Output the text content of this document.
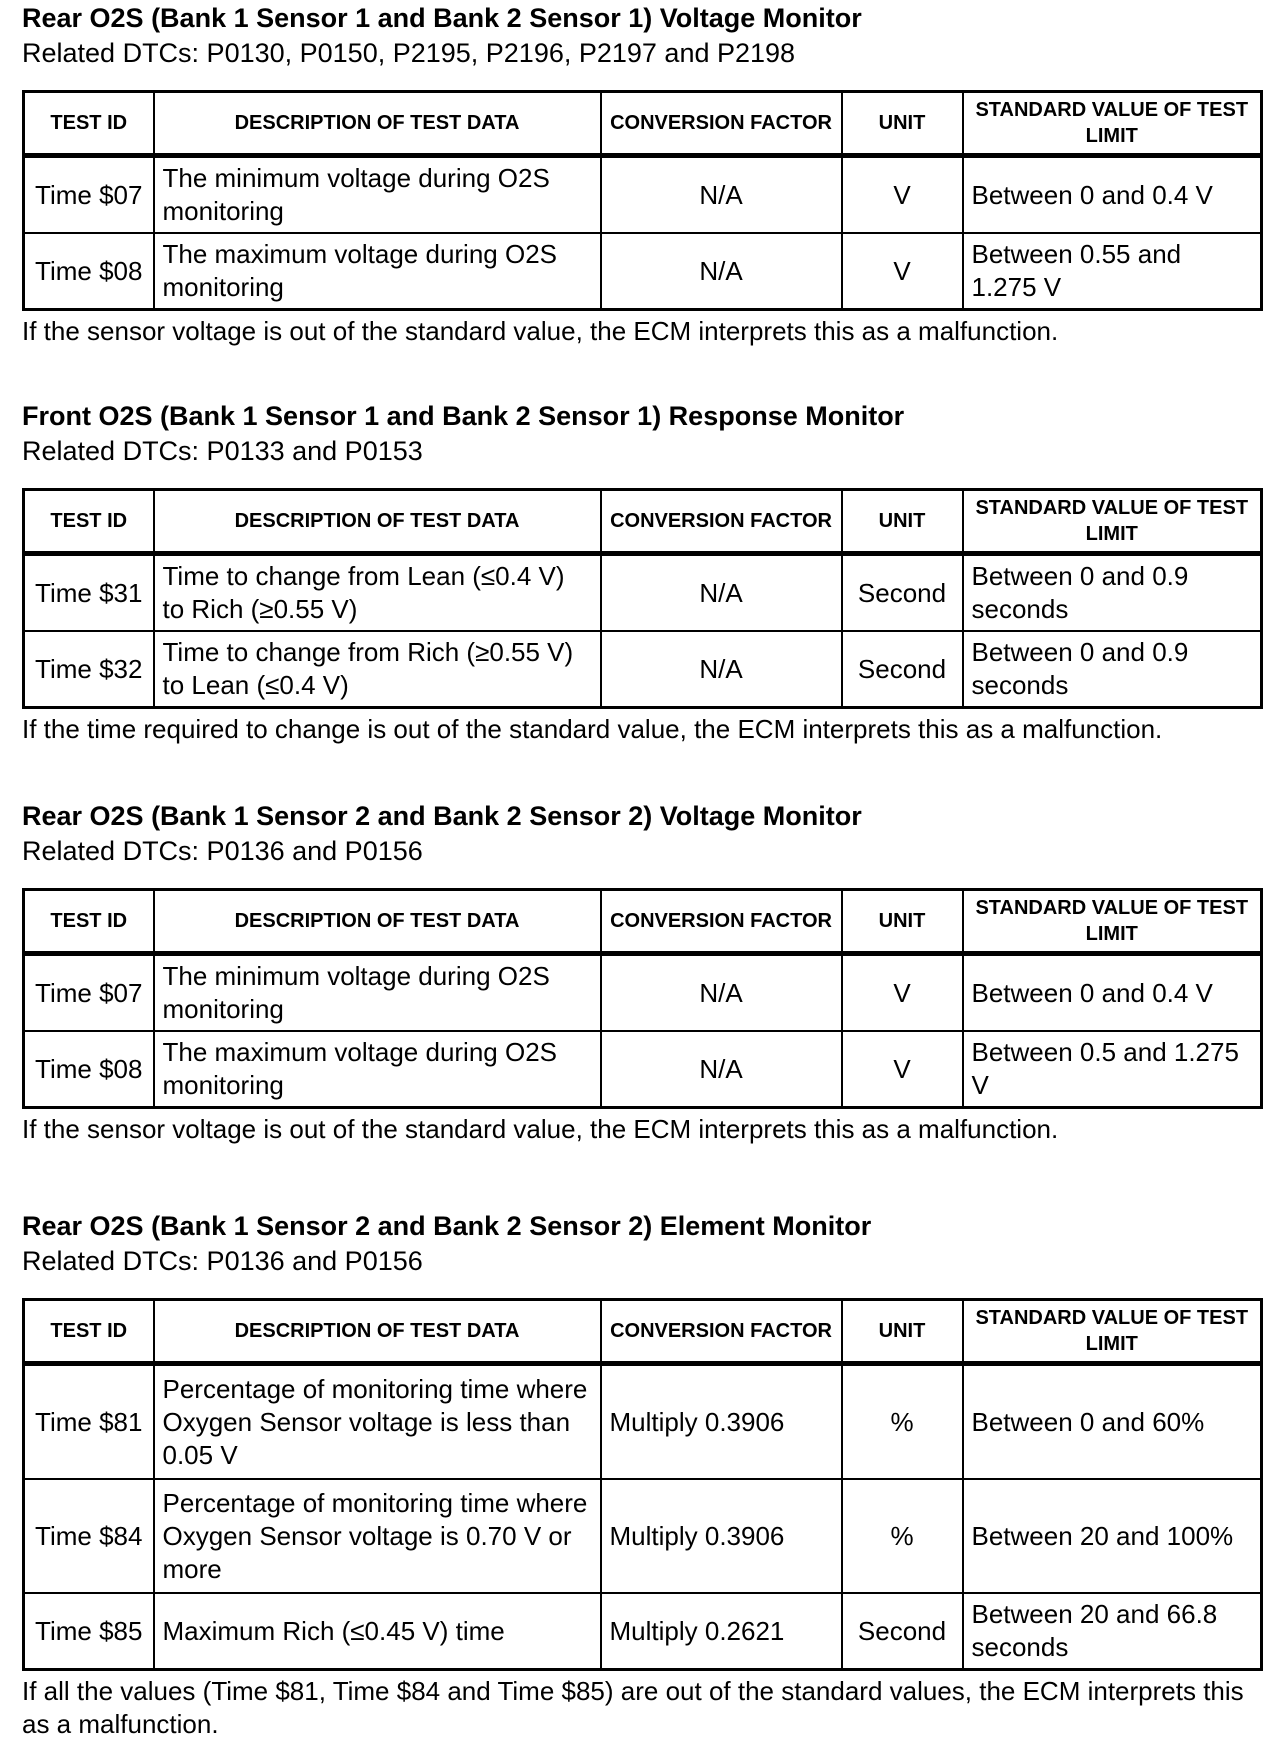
Rear O2S (Bank 1 Sensor 1 and Bank 2 Sensor 1) Voltage Monitor

Related DTCs: P0130, P0150, P2195, P2196, P2197 and P2198

TEST ID	DESCRIPTION OF TEST DATA	CONVERSION FACTOR	UNIT	STANDARD VALUE OF TEST LIMIT
Time $07	The minimum voltage during O2S monitoring	N/A	V	Between 0 and 0.4 V
Time $08	The maximum voltage during O2S monitoring	N/A	V	Between 0.55 and 1.275 V

If the sensor voltage is out of the standard value, the ECM interprets this as a malfunction.

Front O2S (Bank 1 Sensor 1 and Bank 2 Sensor 1) Response Monitor

Related DTCs: P0133 and P0153

TEST ID	DESCRIPTION OF TEST DATA	CONVERSION FACTOR	UNIT	STANDARD VALUE OF TEST LIMIT
Time $31	Time to change from Lean (≤0.4 V) to Rich (≥0.55 V)	N/A	Second	Between 0 and 0.9 seconds
Time $32	Time to change from Rich (≥0.55 V) to Lean (≤0.4 V)	N/A	Second	Between 0 and 0.9 seconds

If the time required to change is out of the standard value, the ECM interprets this as a malfunction.

Rear O2S (Bank 1 Sensor 2 and Bank 2 Sensor 2) Voltage Monitor

Related DTCs: P0136 and P0156

TEST ID	DESCRIPTION OF TEST DATA	CONVERSION FACTOR	UNIT	STANDARD VALUE OF TEST LIMIT
Time $07	The minimum voltage during O2S monitoring	N/A	V	Between 0 and 0.4 V
Time $08	The maximum voltage during O2S monitoring	N/A	V	Between 0.5 and 1.275 V

If the sensor voltage is out of the standard value, the ECM interprets this as a malfunction.

Rear O2S (Bank 1 Sensor 2 and Bank 2 Sensor 2) Element Monitor

Related DTCs: P0136 and P0156

TEST ID	DESCRIPTION OF TEST DATA	CONVERSION FACTOR	UNIT	STANDARD VALUE OF TEST LIMIT
Time $81	Percentage of monitoring time where Oxygen Sensor voltage is less than 0.05 V	Multiply 0.3906	%	Between 0 and 60%
Time $84	Percentage of monitoring time where Oxygen Sensor voltage is 0.70 V or more	Multiply 0.3906	%	Between 20 and 100%
Time $85	Maximum Rich (≤0.45 V) time	Multiply 0.2621	Second	Between 20 and 66.8 seconds

If all the values (Time $81, Time $84 and Time $85) are out of the standard values, the ECM interprets this as a malfunction.
